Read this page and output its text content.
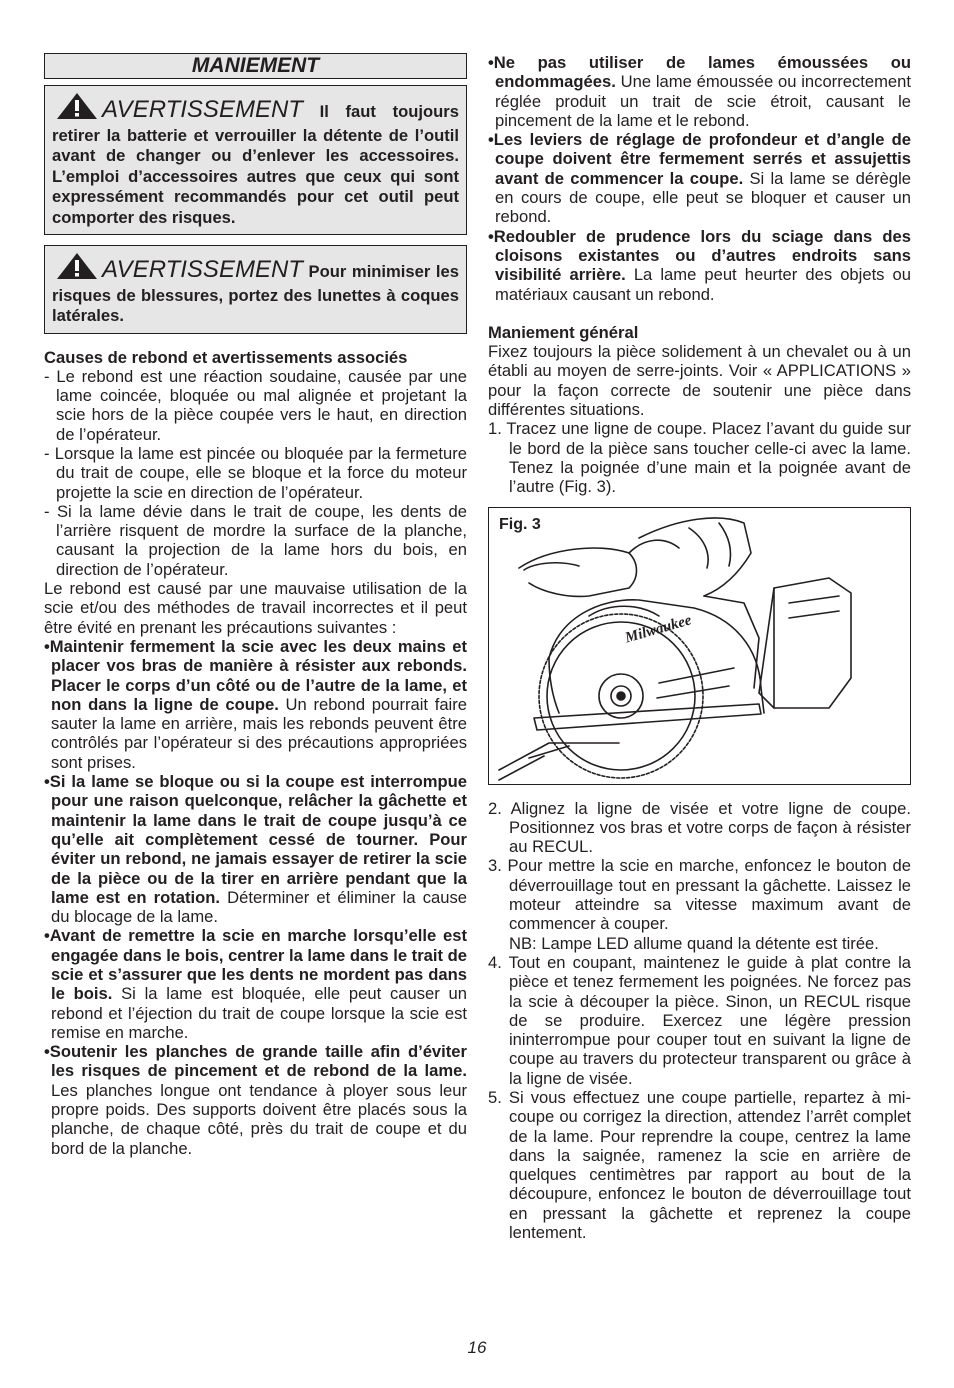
MANIEMENT
AVERTISSEMENT Il faut toujours retirer la batterie et verrouiller la détente de l’outil avant de changer ou d’enlever les accessoires. L’emploi d’accessoires autres que ceux qui sont expressément recommandés pour cet outil peut comporter des risques.
AVERTISSEMENT Pour minimiser les risques de blessures, portez des lunettes à coques latérales.

Causes de rebond et avertissements associés

- Le rebond est une réaction soudaine, causée par une lame coincée, bloquée ou mal alignée et projetant la scie hors de la pièce coupée vers le haut, en direction de l’opérateur.

- Lorsque la lame est pincée ou bloquée par la fermeture du trait de coupe, elle se bloque et la force du moteur projette la scie en direction de l’opérateur.

- Si la lame dévie dans le trait de coupe, les dents de l’arrière risquent de mordre la surface de la planche, causant la projection de la lame hors du bois, en direction de l’opérateur.

Le rebond est causé par une mauvaise utilisation de la scie et/ou des méthodes de travail incorrectes et il peut être évité en prenant les précautions suivantes :

•Maintenir fermement la scie avec les deux mains et placer vos bras de manière à résister aux rebonds. Placer le corps d’un côté ou de l’autre de la lame, et non dans la ligne de coupe. Un rebond pourrait faire sauter la lame en arrière, mais les rebonds peuvent être contrôlés par l’opérateur si des précautions appropriées sont prises.

•Si la lame se bloque ou si la coupe est interrompue pour une raison quelconque, relâcher la gâchette et maintenir la lame dans le trait de coupe jusqu’à ce qu’elle ait complètement cessé de tourner. Pour éviter un rebond, ne jamais essayer de retirer la scie de la pièce ou de la tirer en arrière pendant que la lame est en rotation. Déterminer et éliminer la cause du blocage de la lame.

•Avant de remettre la scie en marche lorsqu’elle est engagée dans le bois, centrer la lame dans le trait de scie et s’assurer que les dents ne mordent pas dans le bois. Si la lame est bloquée, elle peut causer un rebond et l’éjection du trait de coupe lorsque la scie est remise en marche.

•Soutenir les planches de grande taille afin d’éviter les risques de pincement et de rebond de la lame. Les planches longue ont tendance à ployer sous leur propre poids. Des supports doivent être placés sous la planche, de chaque côté, près du trait de coupe et du bord de la planche.

•Ne pas utiliser de lames émoussées ou endommagées. Une lame émoussée ou incorrectement réglée produit un trait de scie étroit, causant le pincement de la lame et le rebond.

•Les leviers de réglage de profondeur et d’angle de coupe doivent être fermement serrés et assujettis avant de commencer la coupe. Si la lame se dérègle en cours de coupe, elle peut se bloquer et causer un rebond.

•Redoubler de prudence lors du sciage dans des cloisons existantes ou d’autres endroits sans visibilité arrière. La lame peut heurter des objets ou matériaux causant un rebond.

Maniement général

Fixez toujours la pièce solidement à un chevalet ou à un établi au moyen de serre-joints. Voir « APPLICATIONS » pour la façon correcte de soutenir une pièce dans différentes situations.

1. Tracez une ligne de coupe. Placez l’avant du guide sur le bord de la pièce sans toucher celle-ci avec la lame. Tenez la poignée d’une main et la poignée avant de l’autre (Fig. 3).

Milwaukee
Fig. 3

2. Alignez la ligne de visée et votre ligne de coupe. Positionnez vos bras et votre corps de façon à résister au RECUL.

3. Pour mettre la scie en marche, enfoncez le bouton de déverrouillage tout en pressant la gâchette. Laissez le moteur atteindre sa vitesse maximum avant de commencer à couper.

NB: Lampe LED allume quand la détente est tirée.

4. Tout en coupant, maintenez le guide à plat contre la pièce et tenez fermement les poignées. Ne forcez pas la scie à découper la pièce. Sinon, un RECUL risque de se produire. Exercez une légère pression ininterrompue pour couper tout en suivant la ligne de coupe au travers du protecteur transparent ou grâce à la ligne de visée.

5. Si vous effectuez une coupe partielle, repartez à mi-coupe ou corrigez la direction, attendez l’arrêt complet de la lame. Pour reprendre la coupe, centrez la lame dans la saignée, ramenez la scie en arrière de quelques centimètres par rapport au bout de la découpure, enfoncez le bouton de déverrouillage tout en pressant la gâchette et reprenez la coupe lentement.

16
